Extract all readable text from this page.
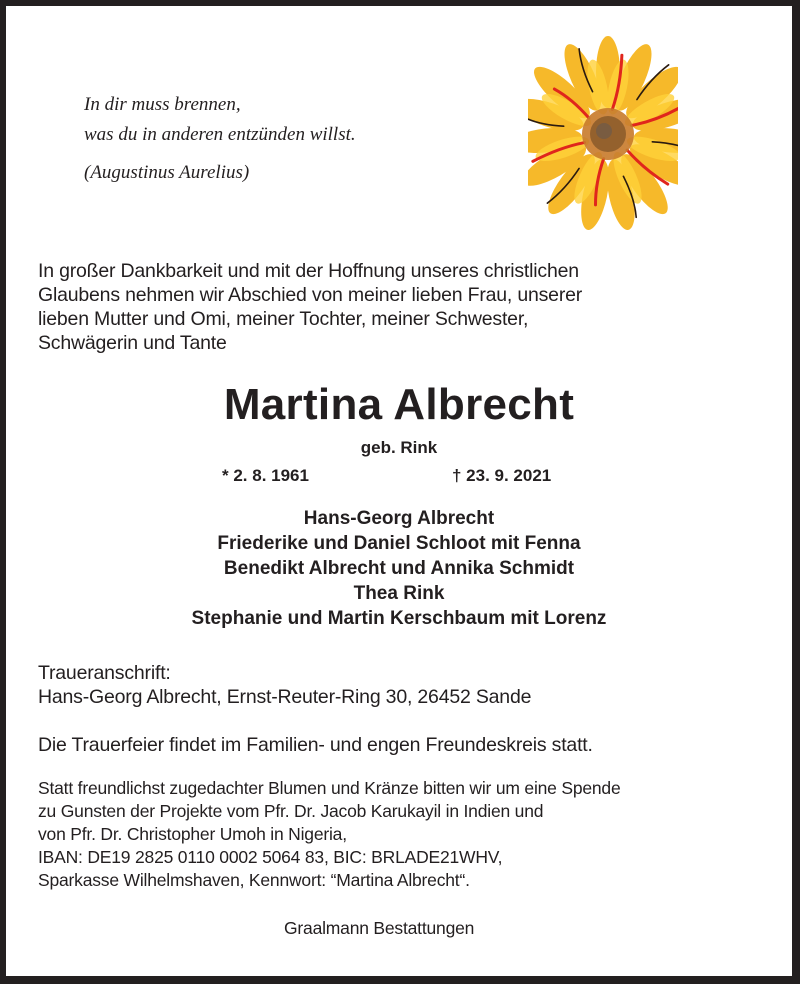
In dir muss brennen,
was du in anderen entzünden willst.
(Augustinus Aurelius)
In großer Dankbarkeit und mit der Hoffnung unseres christlichen
Glaubens nehmen wir Abschied von meiner lieben Frau, unserer
lieben Mutter und Omi, meiner Tochter, meiner Schwester,
Schwägerin und Tante
Martina Albrecht
geb. Rink
* 2. 8. 1961	† 23. 9. 2021
Hans-Georg Albrecht
Friederike und Daniel Schloot mit Fenna
Benedikt Albrecht und Annika Schmidt
Thea Rink
Stephanie und Martin Kerschbaum mit Lorenz
Traueranschrift:
Hans-Georg Albrecht, Ernst-Reuter-Ring 30, 26452 Sande
Die Trauerfeier findet im Familien- und engen Freundeskreis statt.
Statt freundlichst zugedachter Blumen und Kränze bitten wir um eine Spende
zu Gunsten der Projekte vom Pfr. Dr. Jacob Karukayil in Indien und
von Pfr. Dr. Christopher Umoh in Nigeria,
IBAN: DE19 2825 0110 0002 5064 83, BIC: BRLADE21WHV,
Sparkasse Wilhelmshaven, Kennwort: “Martina Albrecht“.
Graalmann Bestattungen
